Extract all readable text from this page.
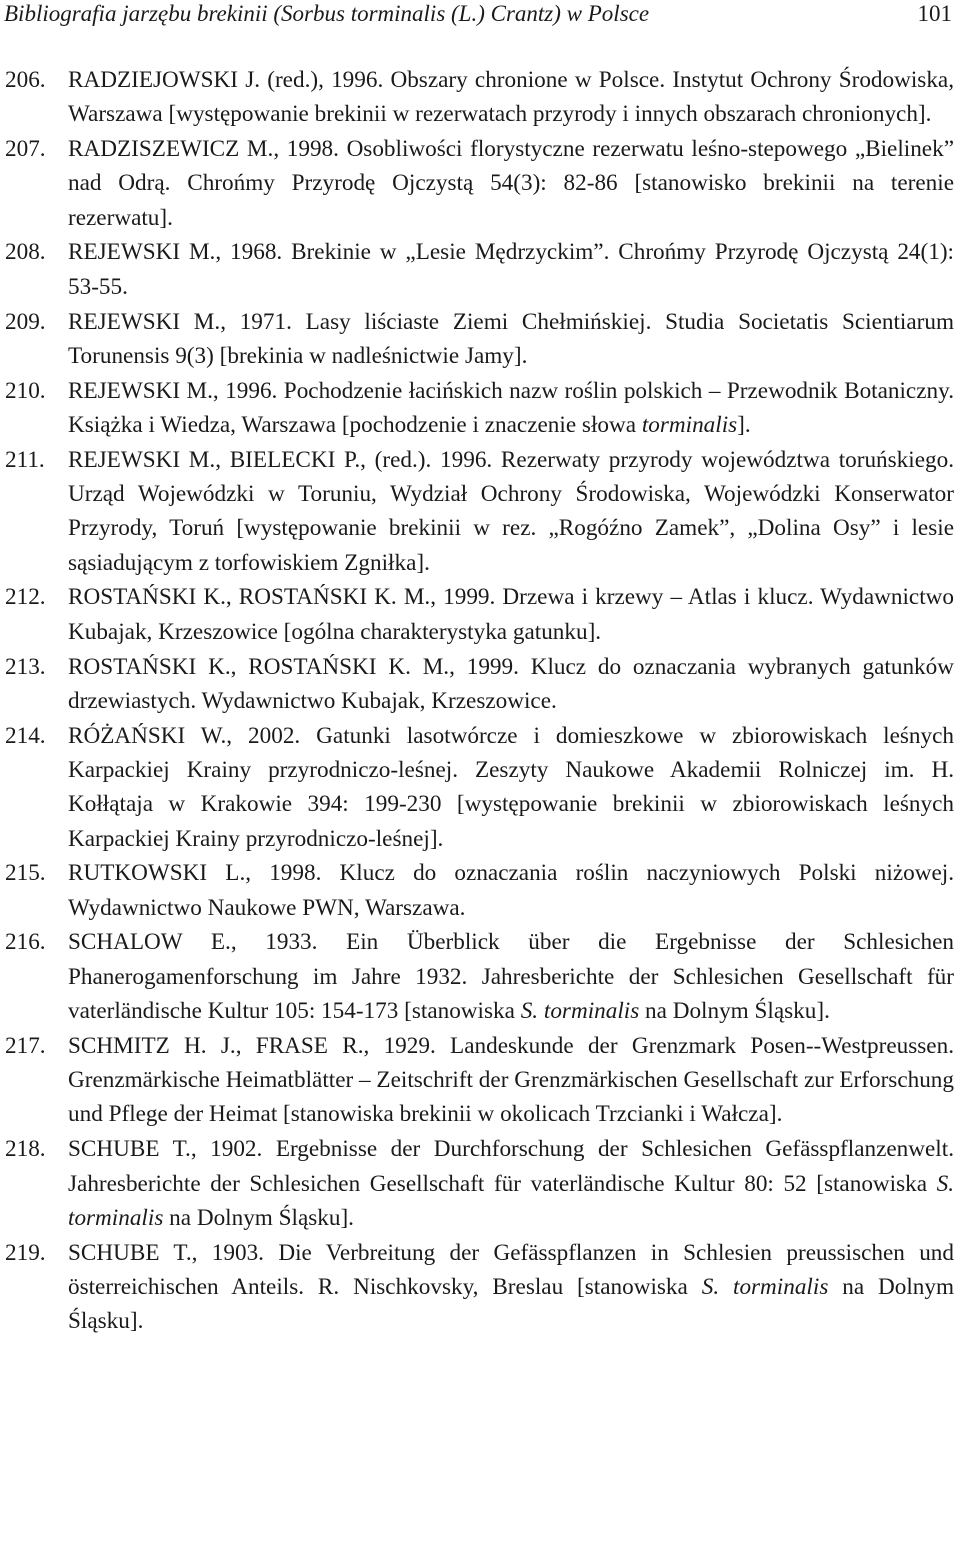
Bibliografia jarzębu brekinii (Sorbus torminalis (L.) Crantz) w Polsce	101
206. RADZIEJOWSKI J. (red.), 1996. Obszary chronione w Polsce. Instytut Ochrony Środowiska, Warszawa [występowanie brekinii w rezerwatach przyrody i innych obszarach chronionych].
207. RADZISZEWICZ M., 1998. Osobliwości florystyczne rezerwatu leśno-stepowego „Bielinek” nad Odrą. Chrońmy Przyrodę Ojczystą 54(3): 82-86 [stanowisko brekinii na terenie rezerwatu].
208. REJEWSKI M., 1968. Brekinie w „Lesie Mędrzyckim”. Chrońmy Przyrodę Ojczystą 24(1): 53-55.
209. REJEWSKI M., 1971. Lasy liściaste Ziemi Chełmińskiej. Studia Societatis Scientiarum Torunensis 9(3) [brekinia w nadleśnictwie Jamy].
210. REJEWSKI M., 1996. Pochodzenie łacińskich nazw roślin polskich – Przewodnik Botaniczny. Książka i Wiedza, Warszawa [pochodzenie i znaczenie słowa torminalis].
211. REJEWSKI M., BIELECKI P., (red.). 1996. Rezerwaty przyrody województwa toruńskiego. Urząd Wojewódzki w Toruniu, Wydział Ochrony Środowiska, Wojewódzki Konserwator Przyrody, Toruń [występowanie brekinii w rez. „Rogóźno Zamek”, „Dolina Osy” i lesie sąsiadującym z torfowiskiem Zgniłka].
212. ROSTAŃSKI K., ROSTAŃSKI K. M., 1999. Drzewa i krzewy – Atlas i klucz. Wydawnictwo Kubajak, Krzeszowice [ogólna charakterystyka gatunku].
213. ROSTAŃSKI K., ROSTAŃSKI K. M., 1999. Klucz do oznaczania wybranych gatunków drzewiastych. Wydawnictwo Kubajak, Krzeszowice.
214. RÓŻAŃSKI W., 2002. Gatunki lasotwórcze i domieszkowe w zbiorowiskach leśnych Karpackiej Krainy przyrodniczo-leśnej. Zeszyty Naukowe Akademii Rolniczej im. H. Kołłątaja w Krakowie 394: 199-230 [występowanie brekinii w zbiorowiskach leśnych Karpackiej Krainy przyrodniczo-leśnej].
215. RUTKOWSKI L., 1998. Klucz do oznaczania roślin naczyniowych Polski niżowej. Wydawnictwo Naukowe PWN, Warszawa.
216. SCHALOW E., 1933. Ein Überblick über die Ergebnisse der Schlesichen Phanerogamenforschung im Jahre 1932. Jahresberichte der Schlesichen Gesellschaft für vaterländische Kultur 105: 154-173 [stanowiska S. torminalis na Dolnym Śląsku].
217. SCHMITZ H. J., FRASE R., 1929. Landeskunde der Grenzmark Posen-⁠-Westpreussen. Grenzmärkische Heimatblätter – Zeitschrift der Grenzmärkischen Gesellschaft zur Erforschung und Pflege der Heimat [stanowiska brekinii w okolicach Trzcianki i Wałcza].
218. SCHUBE T., 1902. Ergebnisse der Durchforschung der Schlesichen Gefässpflanzenwelt. Jahresberichte der Schlesichen Gesellschaft für vaterländische Kultur 80: 52 [stanowiska S. torminalis na Dolnym Śląsku].
219. SCHUBE T., 1903. Die Verbreitung der Gefässpflanzen in Schlesien preussischen und österreichischen Anteils. R. Nischkovsky, Breslau [stanowiska S. torminalis na Dolnym Śląsku].
